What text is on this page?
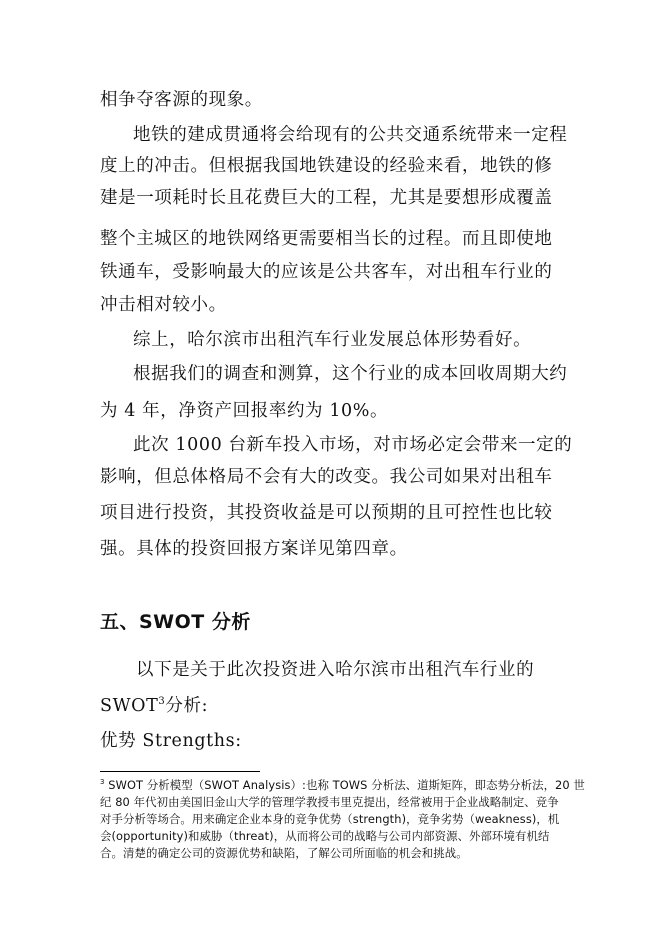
相争夺客源的现象。
地铁的建成贯通将会给现有的公共交通系统带来一定程
度上的冲击。但根据我国地铁建设的经验来看，地铁的修
建是一项耗时长且花费巨大的工程，尤其是要想形成覆盖
整个主城区的地铁网络更需要相当长的过程。而且即使地
铁通车，受影响最大的应该是公共客车，对出租车行业的
冲击相对较小。
综上，哈尔滨市出租汽车行业发展总体形势看好。
根据我们的调查和测算，这个行业的成本回收周期大约
为 4 年，净资产回报率约为 10%。
此次 1000 台新车投入市场，对市场必定会带来一定的
影响，但总体格局不会有大的改变。我公司如果对出租车
项目进行投资，其投资收益是可以预期的且可控性也比较
强。具体的投资回报方案详见第四章。
五、SWOT 分析
以下是关于此次投资进入哈尔滨市出租汽车行业的
SWOT$^3$分析:
优势 Strengths:
$^3$ SWOT 分析模型（SWOT Analysis）:也称 TOWS 分析法、道斯矩阵，即态势分析法，20 世
纪 80 年代初由美国旧金山大学的管理学教授韦里克提出，经常被用于企业战略制定、竞争
对手分析等场合。用来确定企业本身的竞争优势（strength)，竞争劣势（weakness)，机
会(opportunity)和威胁（threat)，从而将公司的战略与公司内部资源、外部环境有机结
合。清楚的确定公司的资源优势和缺陷，了解公司所面临的机会和挑战。
